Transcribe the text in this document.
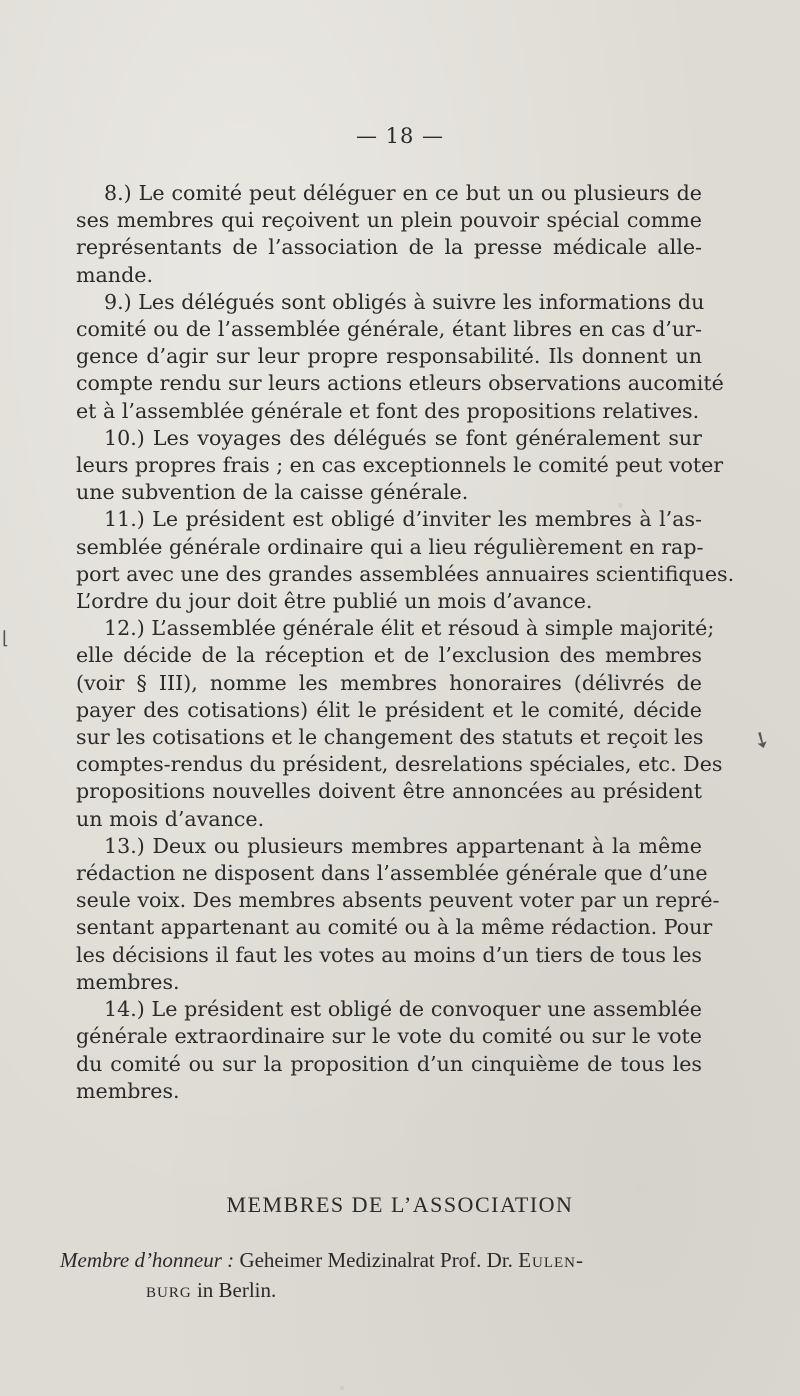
— 18 —

8.) Le comité peut déléguer en ce but un ou plusieurs de
ses membres qui reçoivent un plein pouvoir spécial comme
représentants de l’association de la presse médicale alle-
mande.

9.) Les délégués sont obligés à suivre les informations du
comité ou de l’assemblée générale, étant libres en cas d’ur-
gence d’agir sur leur propre responsabilité. Ils donnent un
compte rendu sur leurs actions etleurs observations aucomité
et à l’assemblée générale et font des propositions relatives.

10.) Les voyages des délégués se font généralement sur
leurs propres frais ; en cas exceptionnels le comité peut voter
une subvention de la caisse générale.

11.) Le président est obligé d’inviter les membres à l’as-
semblée générale ordinaire qui a lieu régulièrement en rap-
port avec une des grandes assemblées annuaires scientifiques.
L’ordre du jour doit être publié un mois d’avance.

12.) L’assemblée générale élit et résoud à simple majorité;
elle décide de la réception et de l’exclusion des membres
(voir § III), nomme les membres honoraires (délivrés de
payer des cotisations) élit le président et le comité, décide
sur les cotisations et le changement des statuts et reçoit les
comptes-rendus du président, desrelations spéciales, etc. Des
propositions nouvelles doivent être annoncées au président
un mois d’avance.

13.) Deux ou plusieurs membres appartenant à la même
rédaction ne disposent dans l’assemblée générale que d’une
seule voix. Des membres absents peuvent voter par un repré-
sentant appartenant au comité ou à la même rédaction. Pour
les décisions il faut les votes au moins d’un tiers de tous les
membres.

14.) Le président est obligé de convoquer une assemblée
générale extraordinaire sur le vote du comité ou sur le vote
du comité ou sur la proposition d’un cinquième de tous les
membres.

MEMBRES DE L’ASSOCIATION
Membre d’honneur : Geheimer Medizinalrat Prof. Dr. Eulen-
burg in Berlin.
⌊
➘
